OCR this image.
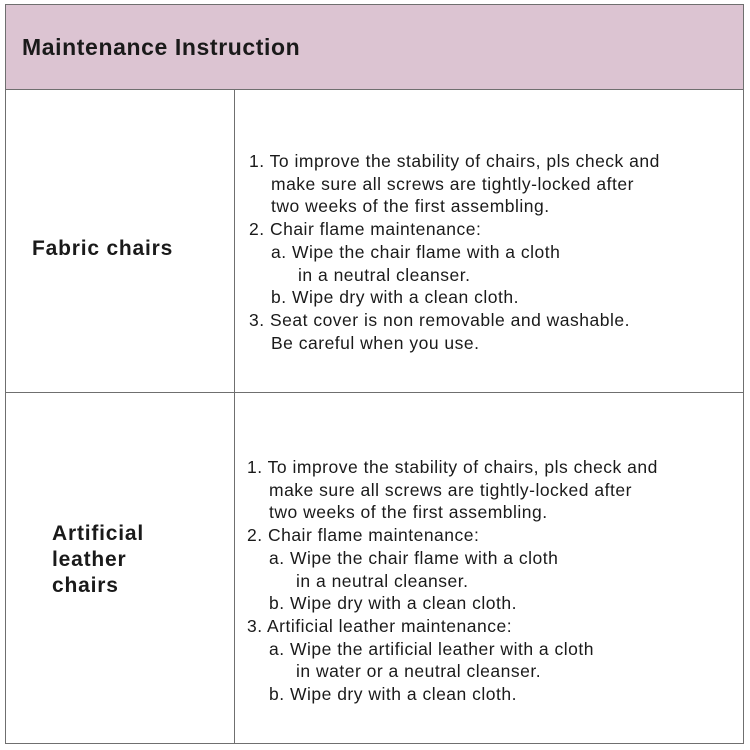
Maintenance Instruction
Fabric chairs
1. To improve the stability of chairs, pls check and
make sure all screws are tightly-locked after
two weeks of the first assembling.
2. Chair flame maintenance:
a. Wipe the chair flame with a cloth
in a neutral cleanser.
b. Wipe dry with a clean cloth.
3. Seat cover is non removable and washable.
Be careful when you use.
Artificial
leather
chairs
1. To improve the stability of chairs, pls check and
make sure all screws are tightly-locked after
two weeks of the first assembling.
2. Chair flame maintenance:
a. Wipe the chair flame with a cloth
in a neutral cleanser.
b. Wipe dry with a clean cloth.
3. Artificial leather maintenance:
a. Wipe the artificial leather with a cloth
in water or a neutral cleanser.
b. Wipe dry with a clean cloth.
